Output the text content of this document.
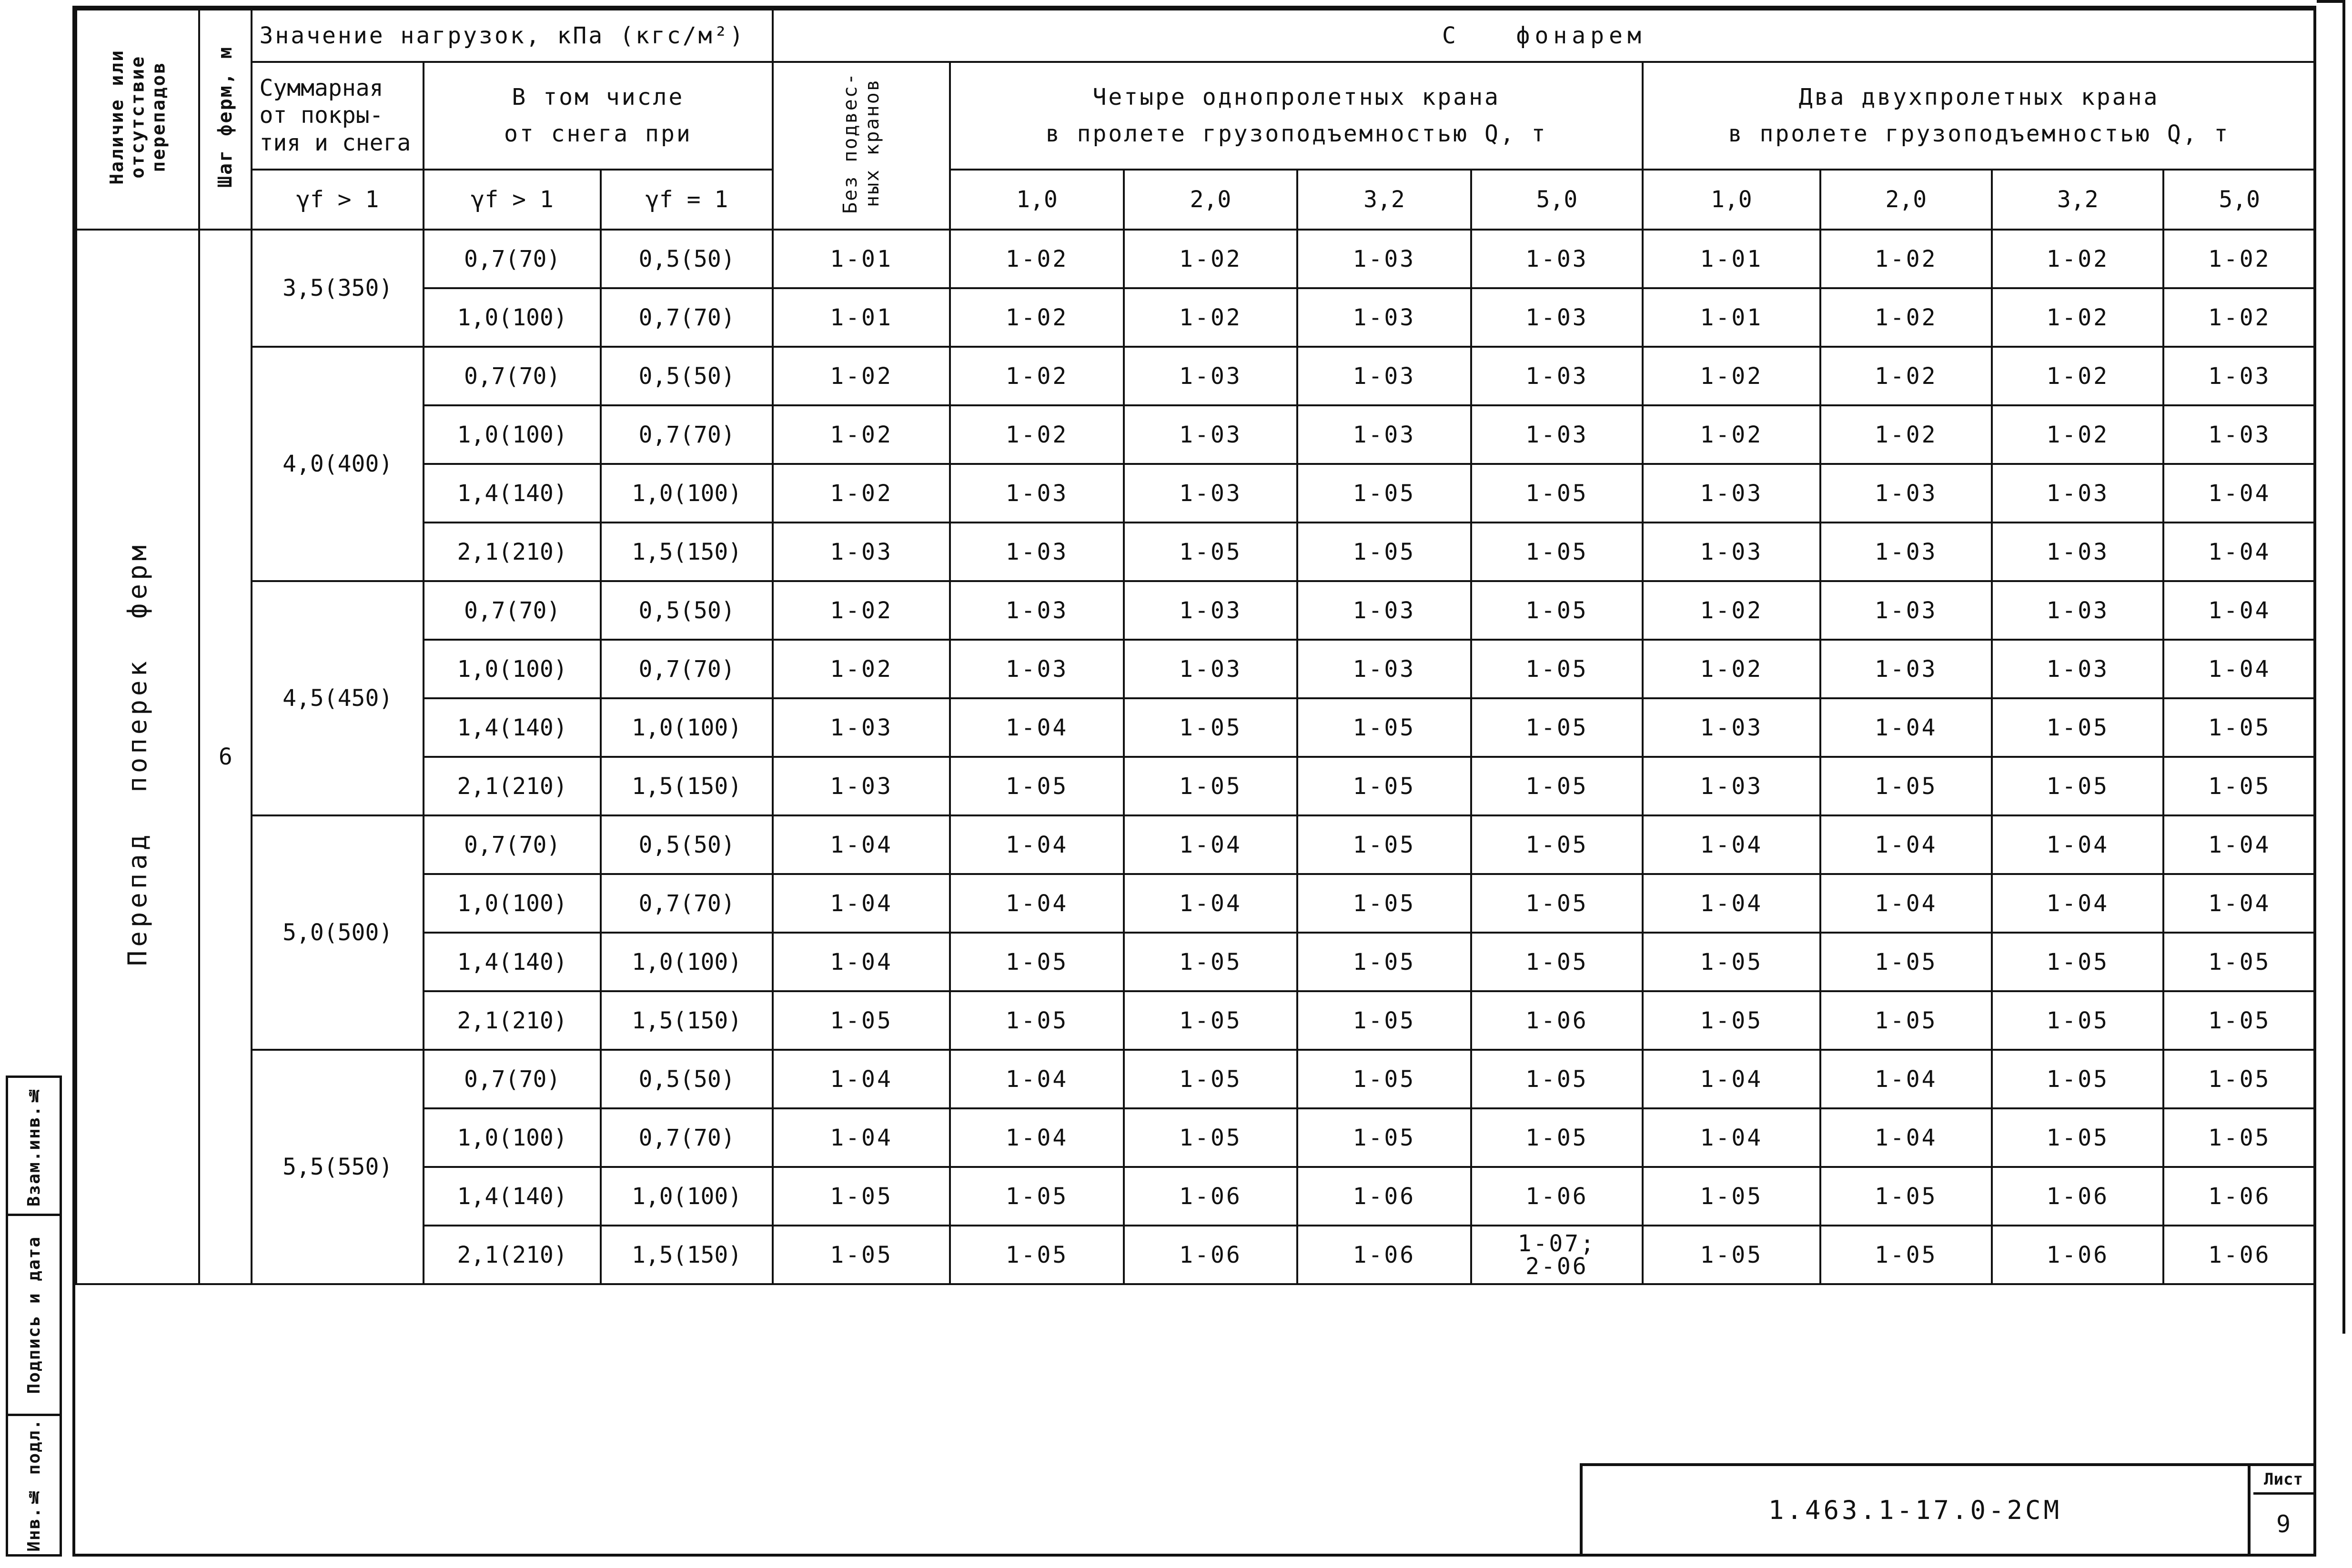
Взам.инв.№
Подпись и дата
Инв.№ подл.
Наличие или
отсутствие
перепадов	Шаг ферм, м	Значение нагрузок, кПа (кгс/м²)			С   фонарем								
		Суммарная
от покры-
тия и снега	В том числе
от снега при		Без подвес-
ных кранов	Четыре однопролетных крана
в пролете грузоподъемностью Q, т				Два двухпролетных крана
в пролете грузоподъемностью Q, т			
		γf > 1	γf > 1	γf = 1		1,0	2,0	3,2	5,0	1,0	2,0	3,2	5,0
Перепад  поперек  ферм	6	3,5(350)	0,7(70)	0,5(50)	1-01	1-02	1-02	1-03	1-03	1-01	1-02	1-02	1-02
			1,0(100)	0,7(70)	1-01	1-02	1-02	1-03	1-03	1-01	1-02	1-02	1-02
		4,0(400)	0,7(70)	0,5(50)	1-02	1-02	1-03	1-03	1-03	1-02	1-02	1-02	1-03
			1,0(100)	0,7(70)	1-02	1-02	1-03	1-03	1-03	1-02	1-02	1-02	1-03
			1,4(140)	1,0(100)	1-02	1-03	1-03	1-05	1-05	1-03	1-03	1-03	1-04
			2,1(210)	1,5(150)	1-03	1-03	1-05	1-05	1-05	1-03	1-03	1-03	1-04
		4,5(450)	0,7(70)	0,5(50)	1-02	1-03	1-03	1-03	1-05	1-02	1-03	1-03	1-04
			1,0(100)	0,7(70)	1-02	1-03	1-03	1-03	1-05	1-02	1-03	1-03	1-04
			1,4(140)	1,0(100)	1-03	1-04	1-05	1-05	1-05	1-03	1-04	1-05	1-05
			2,1(210)	1,5(150)	1-03	1-05	1-05	1-05	1-05	1-03	1-05	1-05	1-05
		5,0(500)	0,7(70)	0,5(50)	1-04	1-04	1-04	1-05	1-05	1-04	1-04	1-04	1-04
			1,0(100)	0,7(70)	1-04	1-04	1-04	1-05	1-05	1-04	1-04	1-04	1-04
			1,4(140)	1,0(100)	1-04	1-05	1-05	1-05	1-05	1-05	1-05	1-05	1-05
			2,1(210)	1,5(150)	1-05	1-05	1-05	1-05	1-06	1-05	1-05	1-05	1-05
		5,5(550)	0,7(70)	0,5(50)	1-04	1-04	1-05	1-05	1-05	1-04	1-04	1-05	1-05
			1,0(100)	0,7(70)	1-04	1-04	1-05	1-05	1-05	1-04	1-04	1-05	1-05
			1,4(140)	1,0(100)	1-05	1-05	1-06	1-06	1-06	1-05	1-05	1-06	1-06
			2,1(210)	1,5(150)	1-05	1-05	1-06	1-06	1-07;
2-06	1-05	1-05	1-06	1-06
1.463.1-17.0-2СМ
Лист
9
